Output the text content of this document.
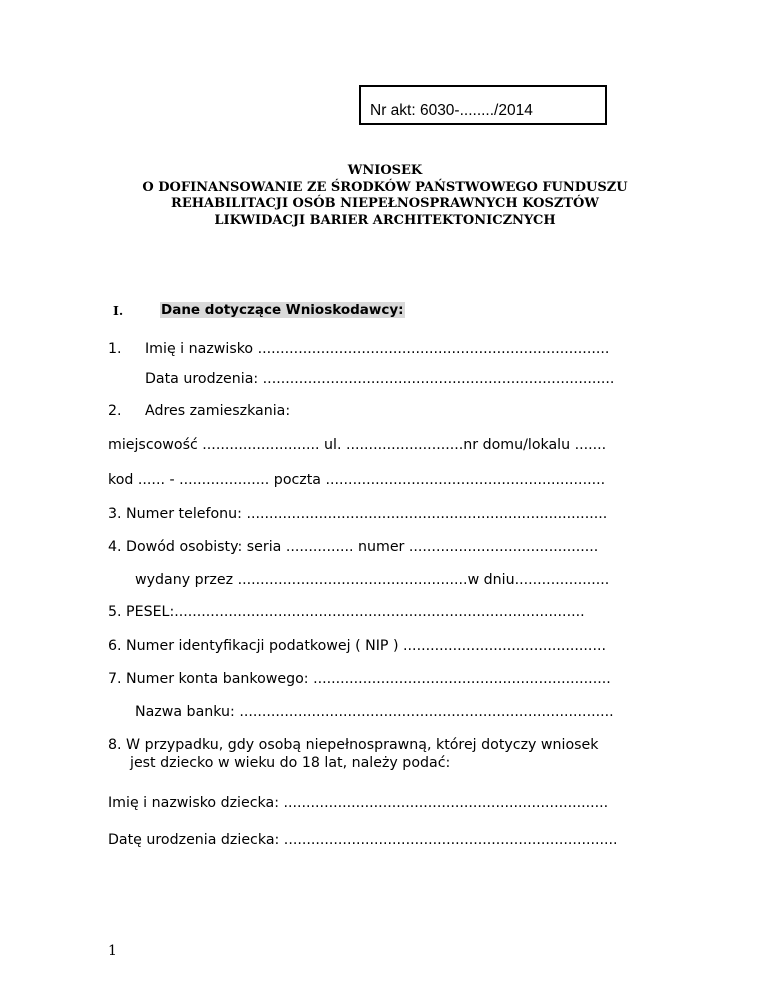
Nr akt: 6030-......../2014
WNIOSEK
O DOFINANSOWANIE ZE ŚRODKÓW PAŃSTWOWEGO FUNDUSZU
REHABILITACJI OSÓB NIEPEŁNOSPRAWNYCH KOSZTÓW
LIKWIDACJI BARIER ARCHITEKTONICZNYCH
I.	Dane dotyczące Wnioskodawcy:
1. Imię i nazwisko ..............................................................................
Data urodzenia: ..............................................................................
2. Adres zamieszkania:
miejscowość .......................... ul. ..........................nr domu/lokalu .......
kod ...... - .................... poczta ..............................................................
3. Numer telefonu: ................................................................................
4. Dowód osobisty: seria ............... numer ..........................................
wydany przez ...................................................w dniu.....................
5. PESEL:...........................................................................................
6. Numer identyfikacji podatkowej ( NIP ) .............................................
7. Numer konta bankowego: ..................................................................
Nazwa banku: ...................................................................................
8. W przypadku, gdy osobą niepełnosprawną, której dotyczy wniosek
jest dziecko w wieku do 18 lat, należy podać:
Imię i nazwisko dziecka: ........................................................................
Datę urodzenia dziecka: ..........................................................................
1
